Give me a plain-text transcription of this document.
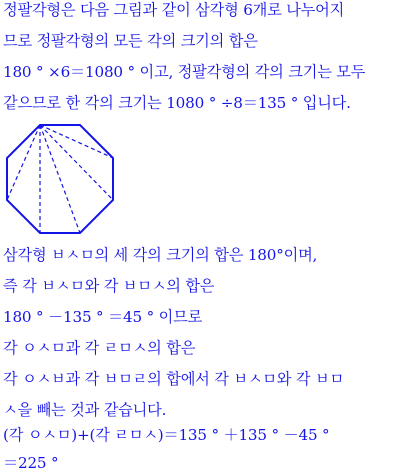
정팔각형은 다음 그림과 같이 삼각형 6개로 나누어지
므로 정팔각형의 모든 각의 크기의 합은
180 ° ×6＝1080 ° 이고, 정팔각형의 각의 크기는 모두
같으므로 한 각의 크기는 1080 ° ÷8＝135 ° 입니다.
삼각형 ㅂㅅㅁ의 세 각의 크기의 합은 180°이며,
즉 각 ㅂㅅㅁ와 각 ㅂㅁㅅ의 합은
180 ° －135 ° ＝45 ° 이므로
각 ㅇㅅㅁ과 각 ㄹㅁㅅ의 합은
각 ㅇㅅㅂ과 각 ㅂㅁㄹ의 합에서 각 ㅂㅅㅁ와 각 ㅂㅁ
ㅅ을 빼는 것과 같습니다.
(각 ㅇㅅㅁ)+(각 ㄹㅁㅅ)＝135 ° ＋135 ° －45 °
＝225 °
